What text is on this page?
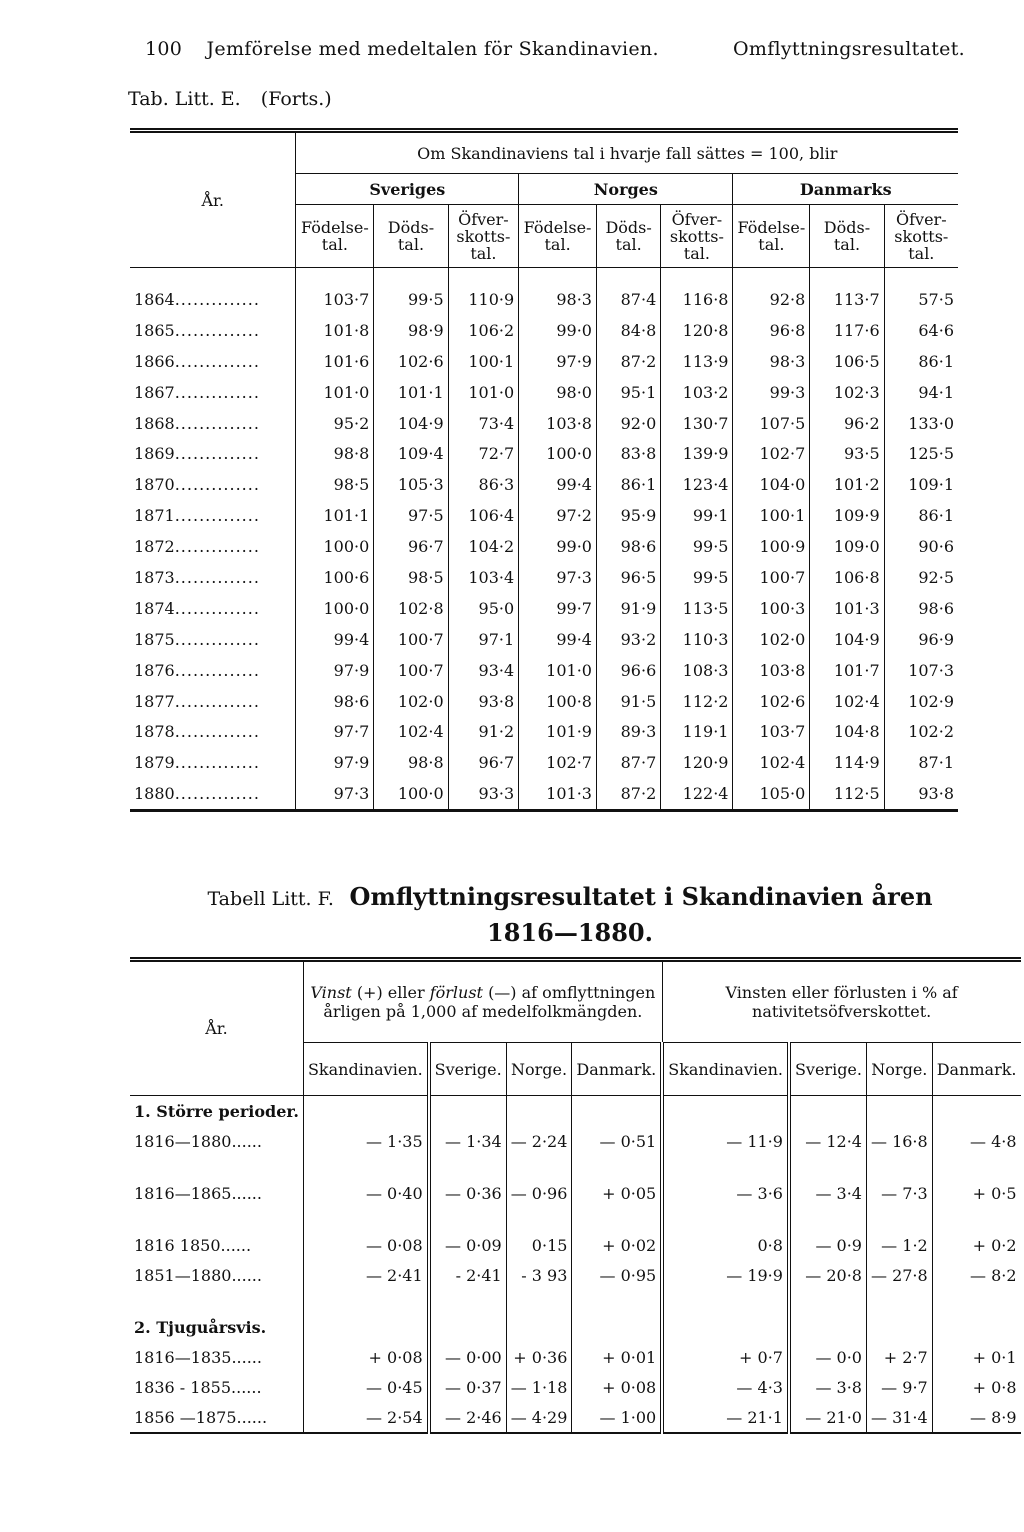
100 Jemförelse med medeltalen för Skandinavien.	Omflyttningsresultatet.
Tab. Litt. E. (Forts.)
År.	Om Skandinaviens tal i hvarje fall sättes = 100, blir								
	Sveriges			Norges			Danmarks		
	Födelse-tal.	Döds-tal.	Öfver-skotts-tal.	Födelse-tal.	Döds-tal.	Öfver-skotts-tal.	Födelse-tal.	Döds-tal.	Öfver-skotts-tal.
1864..............	103·7	99·5	110·9	98·3	87·4	116·8	92·8	113·7	57·5
1865..............	101·8	98·9	106·2	99·0	84·8	120·8	96·8	117·6	64·6
1866..............	101·6	102·6	100·1	97·9	87·2	113·9	98·3	106·5	86·1
1867..............	101·0	101·1	101·0	98·0	95·1	103·2	99·3	102·3	94·1
1868..............	95·2	104·9	73·4	103·8	92·0	130·7	107·5	96·2	133·0
1869..............	98·8	109·4	72·7	100·0	83·8	139·9	102·7	93·5	125·5
1870..............	98·5	105·3	86·3	99·4	86·1	123·4	104·0	101·2	109·1
1871..............	101·1	97·5	106·4	97·2	95·9	99·1	100·1	109·9	86·1
1872..............	100·0	96·7	104·2	99·0	98·6	99·5	100·9	109·0	90·6
1873..............	100·6	98·5	103·4	97·3	96·5	99·5	100·7	106·8	92·5
1874..............	100·0	102·8	95·0	99·7	91·9	113·5	100·3	101·3	98·6
1875..............	99·4	100·7	97·1	99·4	93·2	110·3	102·0	104·9	96·9
1876..............	97·9	100·7	93·4	101·0	96·6	108·3	103·8	101·7	107·3
1877..............	98·6	102·0	93·8	100·8	91·5	112·2	102·6	102·4	102·9
1878..............	97·7	102·4	91·2	101·9	89·3	119·1	103·7	104·8	102·2
1879..............	97·9	98·8	96·7	102·7	87·7	120·9	102·4	114·9	87·1
1880..............	97·3	100·0	93·3	101·3	87·2	122·4	105·0	112·5	93·8
Tabell Litt. F. Omflyttningsresultatet i Skandinavien åren 1816—1880.
År.	Vinst (+) eller förlust (—) af omflyttningen årligen på 1,000 af medelfolkmängden.				Vinsten eller förlusten i % af nativitetsöfverskottet.			
	Skandinavien.	Sverige.	Norge.	Danmark.	Skandinavien.	Sverige.	Norge.	Danmark.
1. Större perioder.								
1816—1880......	— 1·35	— 1·34	— 2·24	— 0·51	— 11·9	— 12·4	— 16·8	— 4·8

1816—1865......	— 0·40	— 0·36	— 0·96	+ 0·05	— 3·6	— 3·4	— 7·3	+ 0·5

1816 1850......	— 0·08	— 0·09	0·15	+ 0·02	0·8	— 0·9	— 1·2	+ 0·2
1851—1880......	— 2·41	- 2·41	- 3 93	— 0·95	— 19·9	— 20·8	— 27·8	— 8·2

2. Tjuguårsvis.								
1816—1835......	+ 0·08	— 0·00	+ 0·36	+ 0·01	+ 0·7	— 0·0	+ 2·7	+ 0·1
1836 - 1855......	— 0·45	— 0·37	— 1·18	+ 0·08	— 4·3	— 3·8	— 9·7	+ 0·8
1856 —1875......	— 2·54	— 2·46	— 4·29	— 1·00	— 21·1	— 21·0	— 31·4	— 8·9
